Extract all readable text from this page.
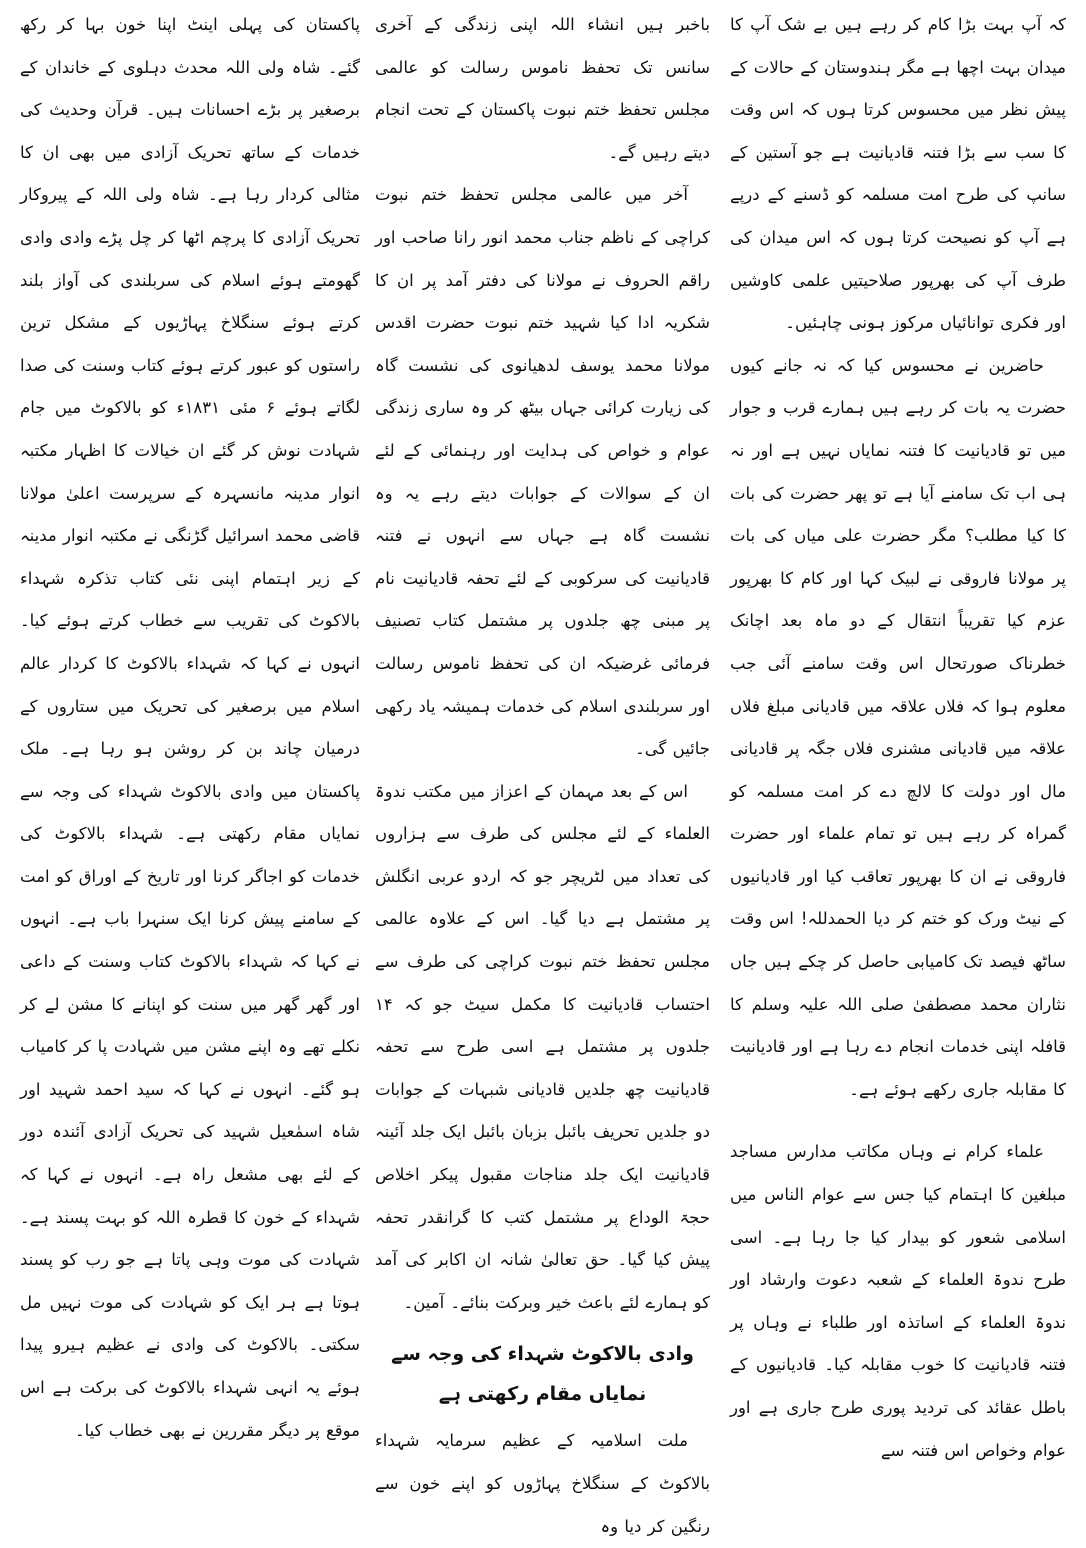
کہ آپ بہت بڑا کام کر رہے ہیں بے شک آپ کا میدان بہت اچھا ہے مگر ہندوستان کے حالات کے پیش نظر میں محسوس کرتا ہوں کہ اس وقت کا سب سے بڑا فتنہ قادیانیت ہے جو آستین کے سانپ کی طرح امت مسلمہ کو ڈسنے کے درپے ہے آپ کو نصیحت کرتا ہوں کہ اس میدان کی طرف آپ کی بھرپور صلاحیتیں علمی کاوشیں اور فکری توانائیاں مرکوز ہونی چاہئیں۔

حاضرین نے محسوس کیا کہ نہ جانے کیوں حضرت یہ بات کر رہے ہیں ہمارے قرب و جوار میں تو قادیانیت کا فتنہ نمایاں نہیں ہے اور نہ ہی اب تک سامنے آیا ہے تو پھر حضرت کی بات کا کیا مطلب؟ مگر حضرت علی میاں کی بات پر مولانا فاروقی نے لبیک کہا اور کام کا بھرپور عزم کیا تقریباً انتقال کے دو ماہ بعد اچانک خطرناک صورتحال اس وقت سامنے آئی جب معلوم ہوا کہ فلاں علاقہ میں قادیانی مبلغ فلاں علاقہ میں قادیانی مشنری فلاں جگہ پر قادیانی مال اور دولت کا لالچ دے کر امت مسلمہ کو گمراہ کر رہے ہیں تو تمام علماء اور حضرت فاروقی نے ان کا بھرپور تعاقب کیا اور قادیانیوں کے نیٹ ورک کو ختم کر دیا الحمدللہ! اس وقت ساٹھ فیصد تک کامیابی حاصل کر چکے ہیں جاں نثاران محمد مصطفیٰ صلی اللہ علیہ وسلم کا قافلہ اپنی خدمات انجام دے رہا ہے اور قادیانیت کا مقابلہ جاری رکھے ہوئے ہے۔

علماء کرام نے وہاں مکاتب مدارس مساجد مبلغین کا اہتمام کیا جس سے عوام الناس میں اسلامی شعور کو بیدار کیا جا رہا ہے۔ اسی طرح ندوۃ العلماء کے شعبہ دعوت وارشاد اور ندوۃ العلماء کے اساتذہ اور طلباء نے وہاں پر فتنہ قادیانیت کا خوب مقابلہ کیا۔ قادیانیوں کے باطل عقائد کی تردید پوری طرح جاری ہے اور عوام وخواص اس فتنہ سے

باخبر ہیں انشاء اللہ اپنی زندگی کے آخری سانس تک تحفظ ناموس رسالت کو عالمی مجلس تحفظ ختم نبوت پاکستان کے تحت انجام دیتے رہیں گے۔

آخر میں عالمی مجلس تحفظ ختم نبوت کراچی کے ناظم جناب محمد انور رانا صاحب اور راقم الحروف نے مولانا کی دفتر آمد پر ان کا شکریہ ادا کیا شہید ختم نبوت حضرت اقدس مولانا محمد یوسف لدھیانوی کی نشست گاہ کی زیارت کرائی جہاں بیٹھ کر وہ ساری زندگی عوام و خواص کی ہدایت اور رہنمائی کے لئے ان کے سوالات کے جوابات دیتے رہے یہ وہ نشست گاہ ہے جہاں سے انہوں نے فتنہ قادیانیت کی سرکوبی کے لئے تحفہ قادیانیت نام پر مبنی چھ جلدوں پر مشتمل کتاب تصنیف فرمائی غرضیکہ ان کی تحفظ ناموس رسالت اور سربلندی اسلام کی خدمات ہمیشہ یاد رکھی جائیں گی۔

اس کے بعد مہمان کے اعزاز میں مکتب ندوۃ العلماء کے لئے مجلس کی طرف سے ہزاروں کی تعداد میں لٹریچر جو کہ اردو عربی انگلش پر مشتمل ہے دیا گیا۔ اس کے علاوہ عالمی مجلس تحفظ ختم نبوت کراچی کی طرف سے احتساب قادیانیت کا مکمل سیٹ جو کہ ۱۴ جلدوں پر مشتمل ہے اسی طرح سے تحفہ قادیانیت چھ جلدیں قادیانی شبہات کے جوابات دو جلدیں تحریف بائبل بزبان بائبل ایک جلد آئینہ قادیانیت ایک جلد مناجات مقبول پیکر اخلاص حجۃ الوداع پر مشتمل کتب کا گرانقدر تحفہ پیش کیا گیا۔ حق تعالیٰ شانہ ان اکابر کی آمد کو ہمارے لئے باعث خیر وبرکت بنائے۔ آمین۔

وادی بالاکوٹ شہداء کی وجہ سے
نمایاں مقام رکھتی ہے

ملت اسلامیہ کے عظیم سرمایہ شہداء بالاکوٹ کے سنگلاخ پہاڑوں کو اپنے خون سے رنگین کر دیا وہ

پاکستان کی پہلی اینٹ اپنا خون بہا کر رکھ گئے۔ شاہ ولی اللہ محدث دہلوی کے خاندان کے برصغیر پر بڑے احسانات ہیں۔ قرآن وحدیث کی خدمات کے ساتھ تحریک آزادی میں بھی ان کا مثالی کردار رہا ہے۔ شاہ ولی اللہ کے پیروکار تحریک آزادی کا پرچم اٹھا کر چل پڑے وادی وادی گھومتے ہوئے اسلام کی سربلندی کی آواز بلند کرتے ہوئے سنگلاخ پہاڑیوں کے مشکل ترین راستوں کو عبور کرتے ہوئے کتاب وسنت کی صدا لگاتے ہوئے ۶ مئی ۱۸۳۱ء کو بالاکوٹ میں جام شہادت نوش کر گئے ان خیالات کا اظہار مکتبہ انوار مدینہ مانسہرہ کے سرپرست اعلیٰ مولانا قاضی محمد اسرائیل گڑنگی نے مکتبہ انوار مدینہ کے زیر اہتمام اپنی نئی کتاب تذکرہ شہداء بالاکوٹ کی تقریب سے خطاب کرتے ہوئے کیا۔ انہوں نے کہا کہ شہداء بالاکوٹ کا کردار عالم اسلام میں برصغیر کی تحریک میں ستاروں کے درمیان چاند بن کر روشن ہو رہا ہے۔ ملک پاکستان میں وادی بالاکوٹ شہداء کی وجہ سے نمایاں مقام رکھتی ہے۔ شہداء بالاکوٹ کی خدمات کو اجاگر کرنا اور تاریخ کے اوراق کو امت کے سامنے پیش کرنا ایک سنہرا باب ہے۔ انہوں نے کہا کہ شہداء بالاکوٹ کتاب وسنت کے داعی اور گھر گھر میں سنت کو اپنانے کا مشن لے کر نکلے تھے وہ اپنے مشن میں شہادت پا کر کامیاب ہو گئے۔ انہوں نے کہا کہ سید احمد شہید اور شاہ اسمٰعیل شہید کی تحریک آزادی آئندہ دور کے لئے بھی مشعل راہ ہے۔ انہوں نے کہا کہ شہداء کے خون کا قطرہ اللہ کو بہت پسند ہے۔ شہادت کی موت وہی پاتا ہے جو رب کو پسند ہوتا ہے ہر ایک کو شہادت کی موت نہیں مل سکتی۔ بالاکوٹ کی وادی نے عظیم ہیرو پیدا ہوئے یہ انہی شہداء بالاکوٹ کی برکت ہے اس موقع پر دیگر مقررین نے بھی خطاب کیا۔
